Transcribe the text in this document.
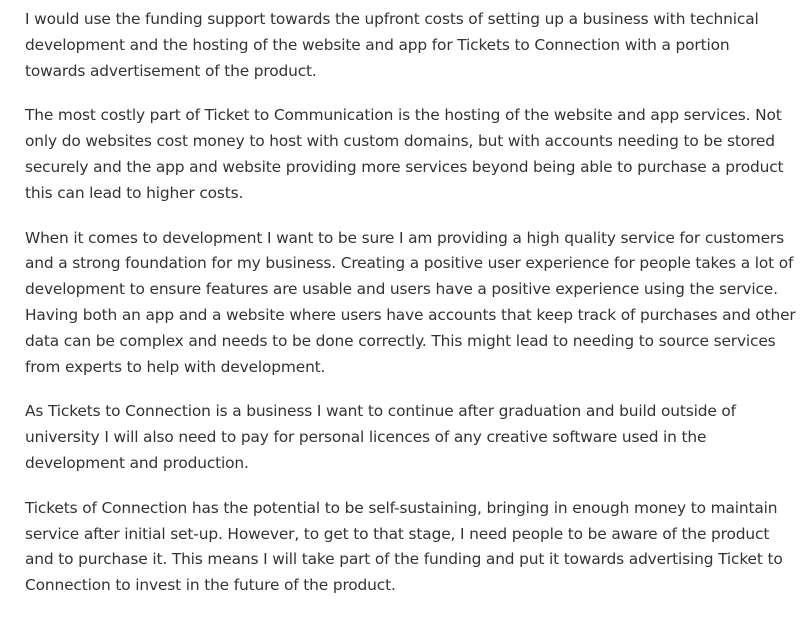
I would use the funding support towards the upfront costs of setting up a business with technical
development and the hosting of the website and app for Tickets to Connection with a portion
towards advertisement of the product.

The most costly part of Ticket to Communication is the hosting of the website and app services. Not
only do websites cost money to host with custom domains, but with accounts needing to be stored
securely and the app and website providing more services beyond being able to purchase a product
this can lead to higher costs.

When it comes to development I want to be sure I am providing a high quality service for customers
and a strong foundation for my business. Creating a positive user experience for people takes a lot of
development to ensure features are usable and users have a positive experience using the service.
Having both an app and a website where users have accounts that keep track of purchases and other
data can be complex and needs to be done correctly. This might lead to needing to source services
from experts to help with development.

As Tickets to Connection is a business I want to continue after graduation and build outside of
university I will also need to pay for personal licences of any creative software used in the
development and production.

Tickets of Connection has the potential to be self-sustaining, bringing in enough money to maintain
service after initial set-up. However, to get to that stage, I need people to be aware of the product
and to purchase it. This means I will take part of the funding and put it towards advertising Ticket to
Connection to invest in the future of the product.
